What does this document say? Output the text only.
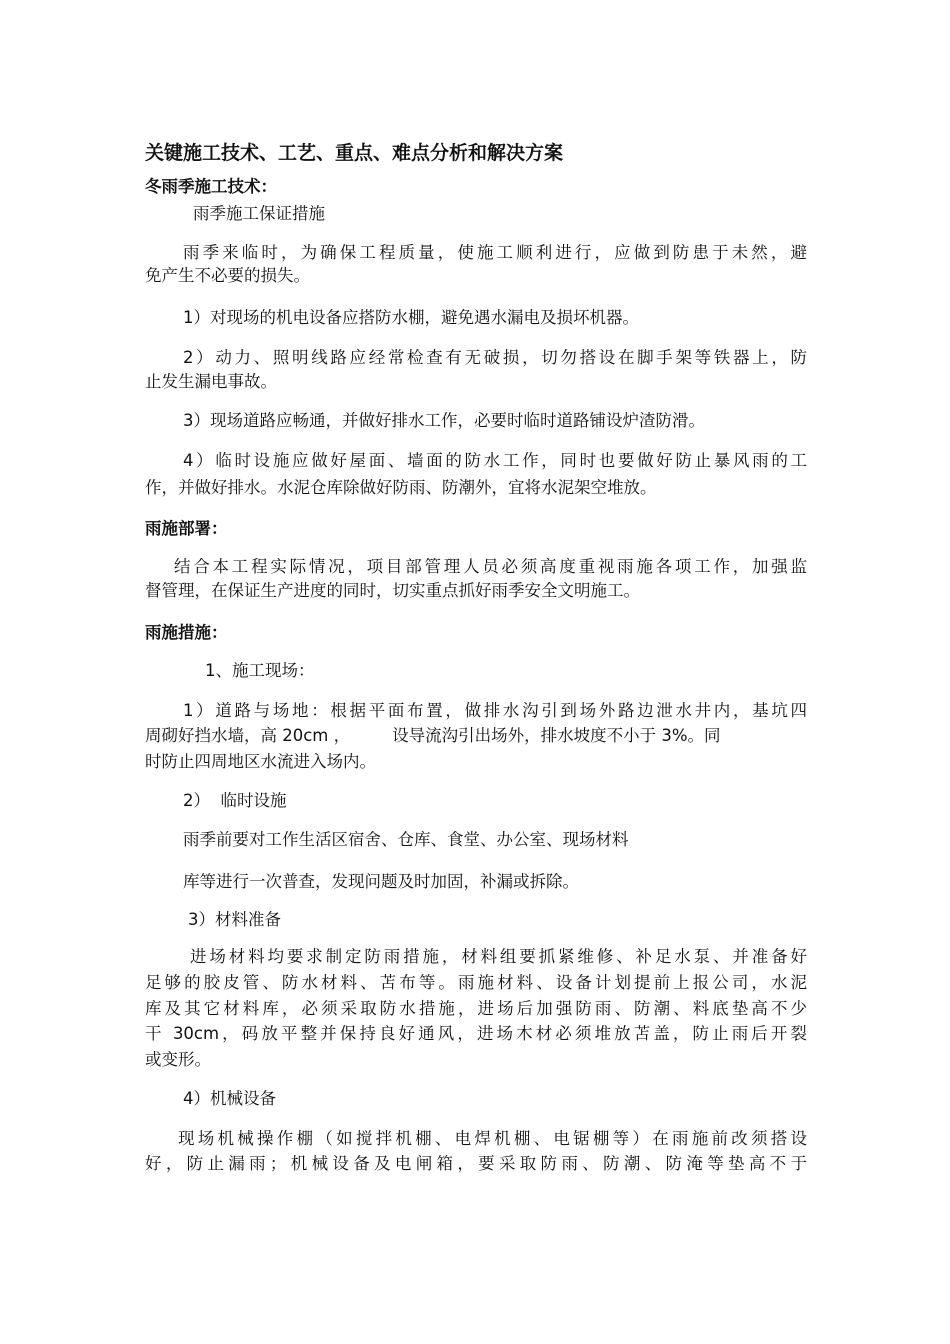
关键施工技术、工艺、重点、难点分析和解决方案
冬雨季施工技术：
雨季施工保证措施
雨季来临时，为确保工程质量，使施工顺利进行，应做到防患于未然，避
免产生不必要的损失。
1）对现场的机电设备应搭防水棚，避免遇水漏电及损坏机器。
2）动力、照明线路应经常检查有无破损，切勿搭设在脚手架等铁器上，防
止发生漏电事故。
3）现场道路应畅通，并做好排水工作，必要时临时道路铺设炉渣防滑。
4）临时设施应做好屋面、墙面的防水工作，同时也要做好防止暴风雨的工
作，并做好排水。水泥仓库除做好防雨、防潮外，宜将水泥架空堆放。
雨施部署：
结合本工程实际情况，项目部管理人员必须高度重视雨施各项工作，加强监
督管理，在保证生产进度的同时，切实重点抓好雨季安全文明施工。
雨施措施：
1、施工现场：
1）道路与场地：根据平面布置，做排水沟引到场外路边泄水井内，基坑四
周砌好挡水墙，高 20cm ，        设导流沟引出场外，排水坡度不小于 3%。同
时防止四周地区水流进入场内。
2）  临时设施
雨季前要对工作生活区宿舍、仓库、食堂、办公室、现场材料
库等进行一次普查，发现问题及时加固，补漏或拆除。
3）材料准备
进场材料均要求制定防雨措施，材料组要抓紧维修、补足水泵、并准备好
足够的胶皮管、防水材料、苫布等。雨施材料、设备计划提前上报公司，水泥
库及其它材料库，必须采取防水措施，进场后加强防雨、防潮、料底垫高不少
干 30cm，码放平整并保持良好通风，进场木材必须堆放苫盖，防止雨后开裂
或变形。
4）机械设备
现场机械操作棚（如搅拌机棚、电焊机棚、电锯棚等）在雨施前改须搭设
好，防止漏雨；机械设备及电闸箱，要采取防雨、防潮、防淹等垫高不于
